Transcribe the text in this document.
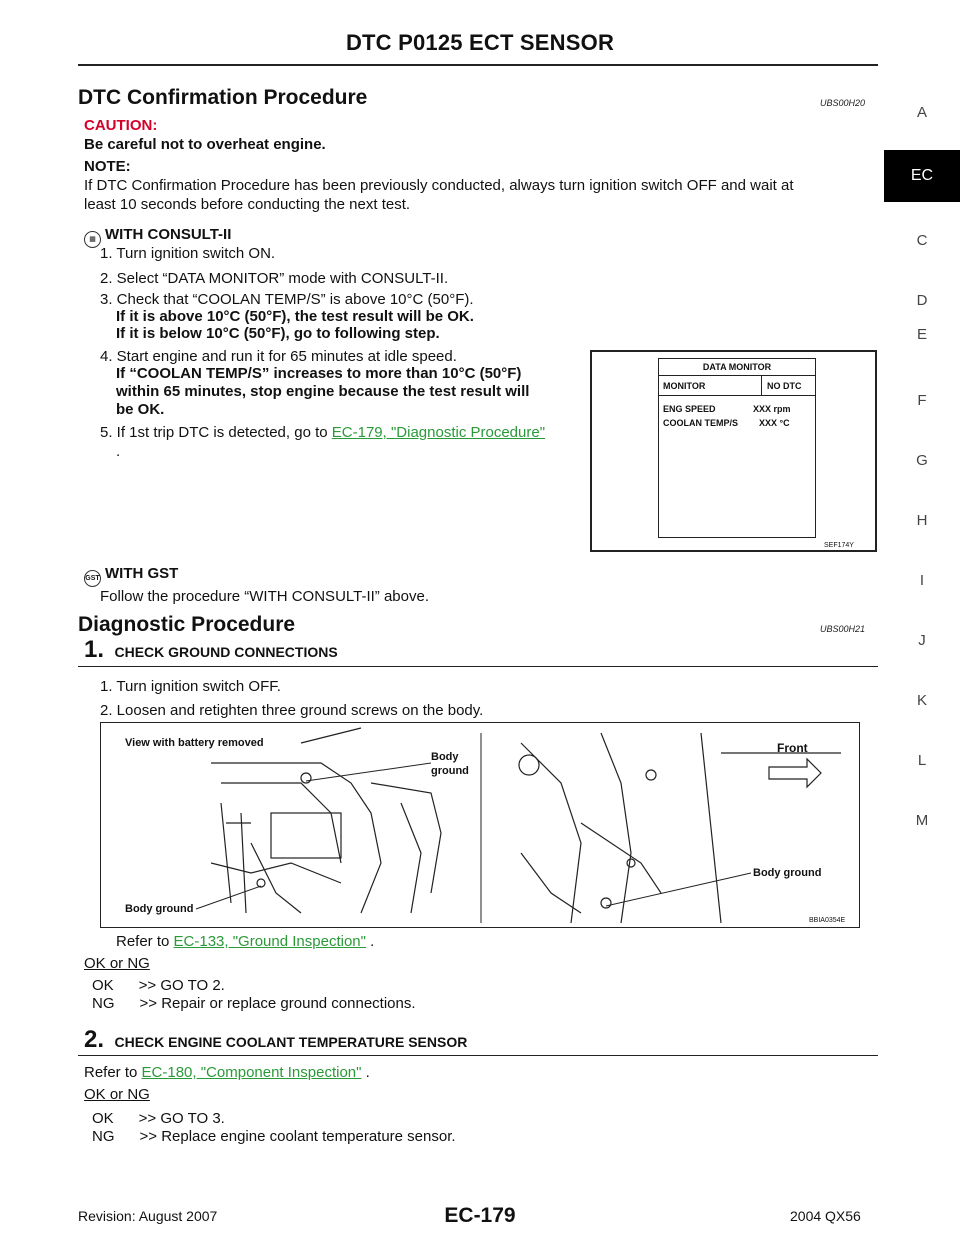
DTC P0125 ECT SENSOR
A
EC
C
D
E
F
G
H
I
J
K
L
M
DTC Confirmation Procedure	UBS00H20
CAUTION:
Be careful not to overheat engine.
NOTE:
If DTC Confirmation Procedure has been previously conducted, always turn ignition switch OFF and wait at
least 10 seconds before conducting the next test.
▦ WITH CONSULT-II
1. Turn ignition switch ON.
2. Select “DATA MONITOR” mode with CONSULT-II.
3. Check that “COOLAN TEMP/S” is above 10°C (50°F).
If it is above 10°C (50°F), the test result will be OK.
If it is below 10°C (50°F), go to following step.
4. Start engine and run it for 65 minutes at idle speed.
If “COOLAN TEMP/S” increases to more than 10°C (50°F)
within 65 minutes, stop engine because the test result will
be OK.
5. If 1st trip DTC is detected, go to EC-179, "Diagnostic Procedure"
.
DATA MONITOR
MONITOR	NO DTC
ENG SPEED	XXX rpm
COOLAN TEMP/S	XXX °C
SEF174Y
GST WITH GST
Follow the procedure “WITH CONSULT-II” above.
Diagnostic Procedure	UBS00H21
1. CHECK GROUND CONNECTIONS
1. Turn ignition switch OFF.
2. Loosen and retighten three ground screws on the body.
View with battery removed
Body
ground
Body ground
Front
Body ground
BBIA0354E
Refer to EC-133, "Ground Inspection" .
OK or NG
OK      >> GO TO 2.
NG      >> Repair or replace ground connections.
2. CHECK ENGINE COOLANT TEMPERATURE SENSOR
Refer to EC-180, "Component Inspection" .
OK or NG
OK      >> GO TO 3.
NG      >> Replace engine coolant temperature sensor.
Revision: August 2007	EC-179	2004 QX56
